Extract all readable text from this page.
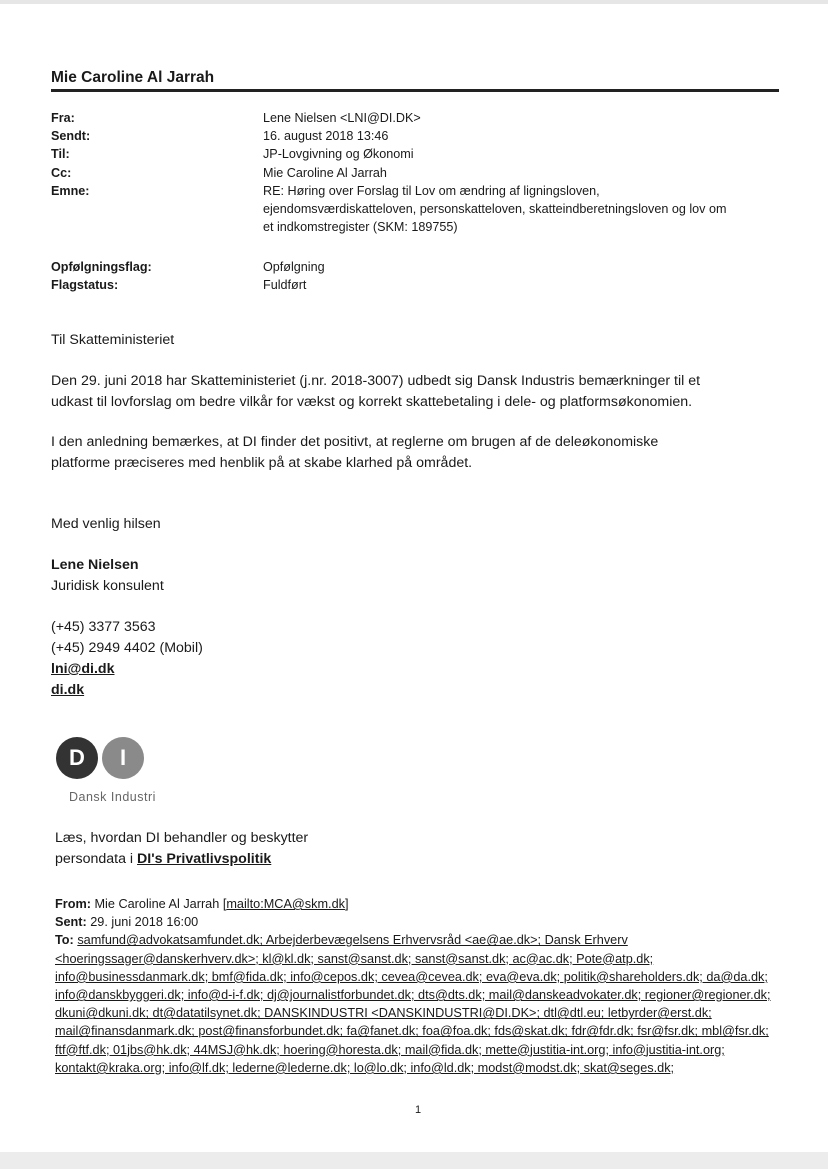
Mie Caroline Al Jarrah
Fra:	Lene Nielsen <LNI@DI.DK>
Sendt:	16. august 2018 13:46
Til:	JP-Lovgivning og Økonomi
Cc:	Mie Caroline Al Jarrah
Emne:	RE: Høring over Forslag til Lov om ændring af ligningsloven,
ejendomsværdiskatteloven, personskatteloven, skatteindberetningsloven og lov om
et indkomstregister (SKM: 189755)
Opfølgningsflag:	Opfølgning
Flagstatus:	Fuldført
Til Skatteministeriet
Den 29. juni 2018 har Skatteministeriet (j.nr. 2018-3007) udbedt sig Dansk Industris bemærkninger til et
udkast til lovforslag om bedre vilkår for vækst og korrekt skattebetaling i dele- og platformsøkonomien.
I den anledning bemærkes, at DI finder det positivt, at reglerne om brugen af de deleøkonomiske
platforme præciseres med henblik på at skabe klarhed på området.
Med venlig hilsen
Lene Nielsen
Juridisk konsulent
(+45) 3377 3563
(+45) 2949 4402 (Mobil)
lni@di.dk
di.dk
D	I
Dansk Industri
Læs, hvordan DI behandler og beskytter
persondata i DI's Privatlivspolitik
From: Mie Caroline Al Jarrah [mailto:MCA@skm.dk]
Sent: 29. juni 2018 16:00
To: samfund@advokatsamfundet.dk; Arbejderbevægelsens Erhvervsråd <ae@ae.dk>; Dansk Erhverv <hoeringssager@danskerhverv.dk>; kl@kl.dk; sanst@sanst.dk; sanst@sanst.dk; ac@ac.dk; Pote@atp.dk; info@businessdanmark.dk; bmf@fida.dk; info@cepos.dk; cevea@cevea.dk; eva@eva.dk; politik@shareholders.dk; da@da.dk; info@danskbyggeri.dk; info@d-i-f.dk; dj@journalistforbundet.dk; dts@dts.dk; mail@danskeadvokater.dk; regioner@regioner.dk; dkuni@dkuni.dk; dt@datatilsynet.dk; DANSKINDUSTRI <DANSKINDUSTRI@DI.DK>; dtl@dtl.eu; letbyrder@erst.dk; mail@finansdanmark.dk; post@finansforbundet.dk; fa@fanet.dk; foa@foa.dk; fds@skat.dk; fdr@fdr.dk; fsr@fsr.dk; mbl@fsr.dk; ftf@ftf.dk; 01jbs@hk.dk; 44MSJ@hk.dk; hoering@horesta.dk; mail@fida.dk; mette@justitia-int.org; info@justitia-int.org; kontakt@kraka.org; info@lf.dk; lederne@lederne.dk; lo@lo.dk; info@ld.dk; modst@modst.dk; skat@seges.dk;
1
